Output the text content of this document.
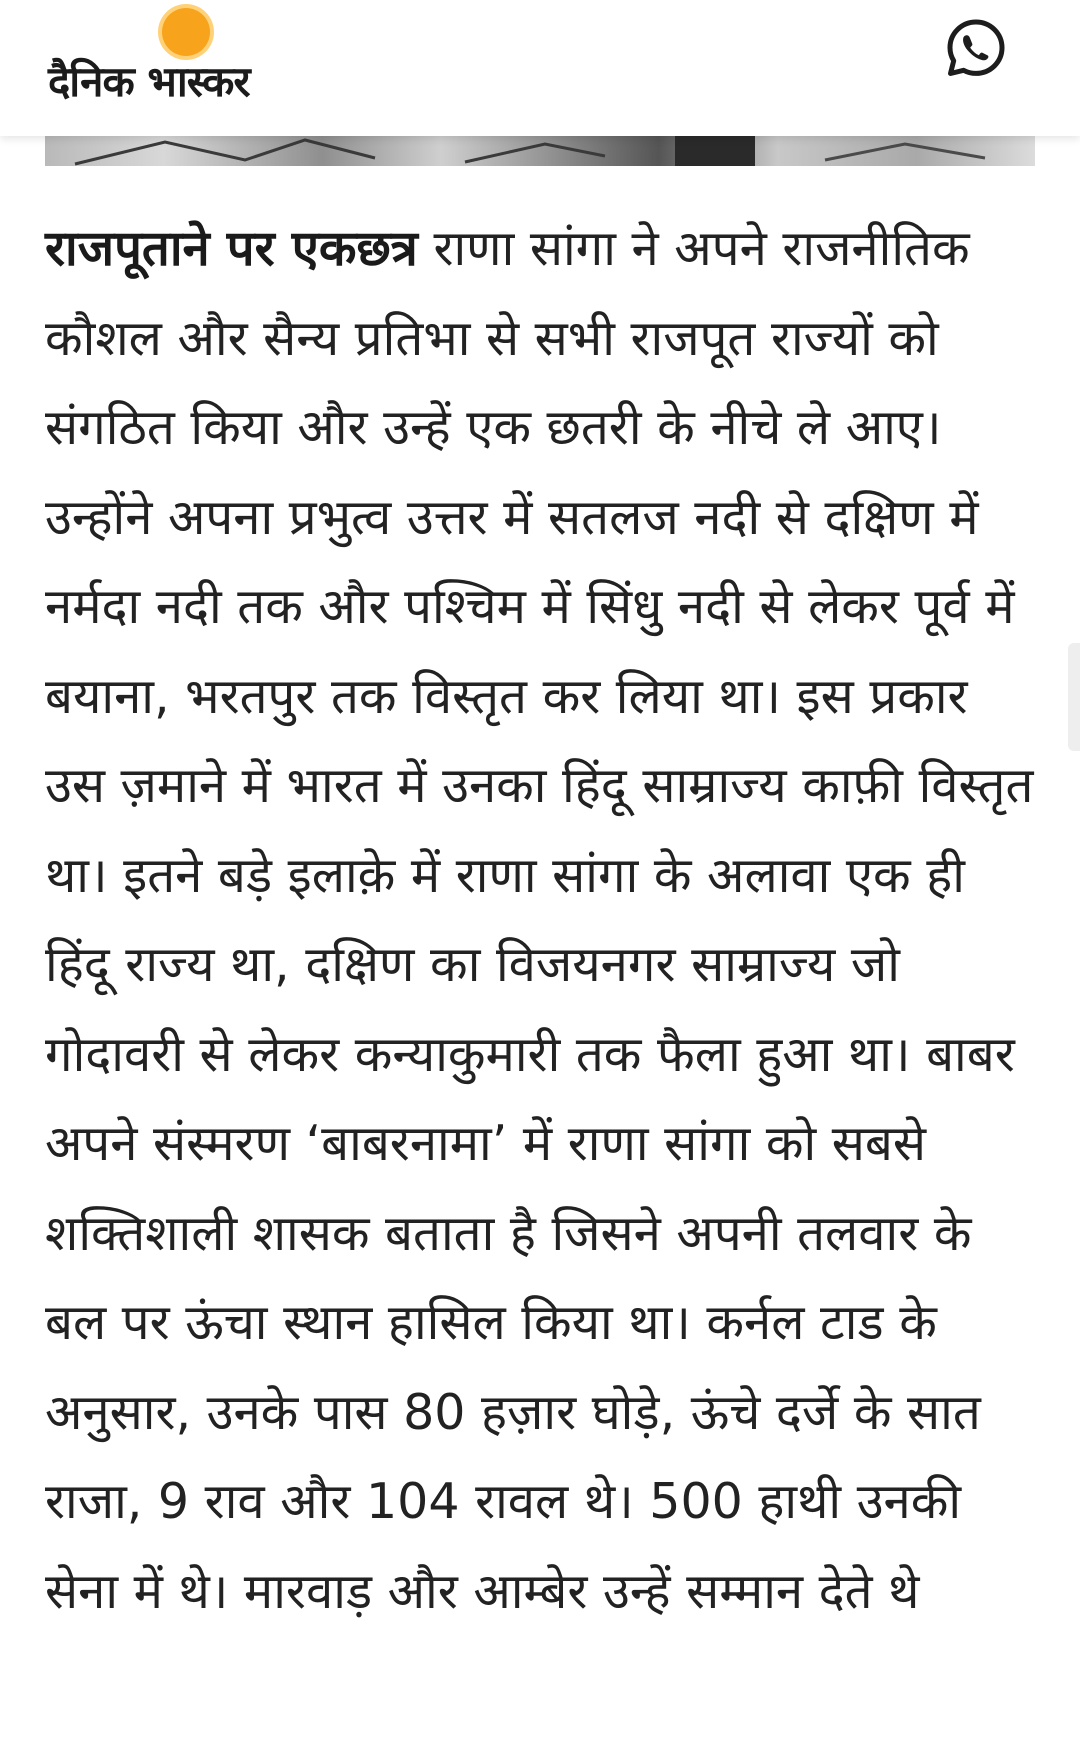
दैनिक भास्कर

राजपूताने पर एकछत्र राणा सांगा ने अपने राजनीतिक कौशल और सैन्य प्रतिभा से सभी राजपूत राज्यों को संगठित किया और उन्हें एक छतरी के नीचे ले आए। उन्होंने अपना प्रभुत्व उत्तर में सतलज नदी से दक्षिण में नर्मदा नदी तक और पश्चिम में सिंधु नदी से लेकर पूर्व में बयाना, भरतपुर तक विस्तृत कर लिया था। इस प्रकार उस ज़माने में भारत में उनका हिंदू साम्राज्य काफ़ी विस्तृत था। इतने बड़े इलाक़े में राणा सांगा के अलावा एक ही हिंदू राज्य था, दक्षिण का विजयनगर साम्राज्य जो गोदावरी से लेकर कन्याकुमारी तक फैला हुआ था। बाबर अपने संस्मरण ‘बाबरनामा’ में राणा सांगा को सबसे शक्तिशाली शासक बताता है जिसने अपनी तलवार के बल पर ऊंचा स्थान हासिल किया था। कर्नल टाड के अनुसार, उनके पास 80 हज़ार घोड़े, ऊंचे दर्जे के सात राजा, 9 राव और 104 रावल थे। 500 हाथी उनकी सेना में थे। मारवाड़ और आम्बेर उन्हें सम्मान देते थे
